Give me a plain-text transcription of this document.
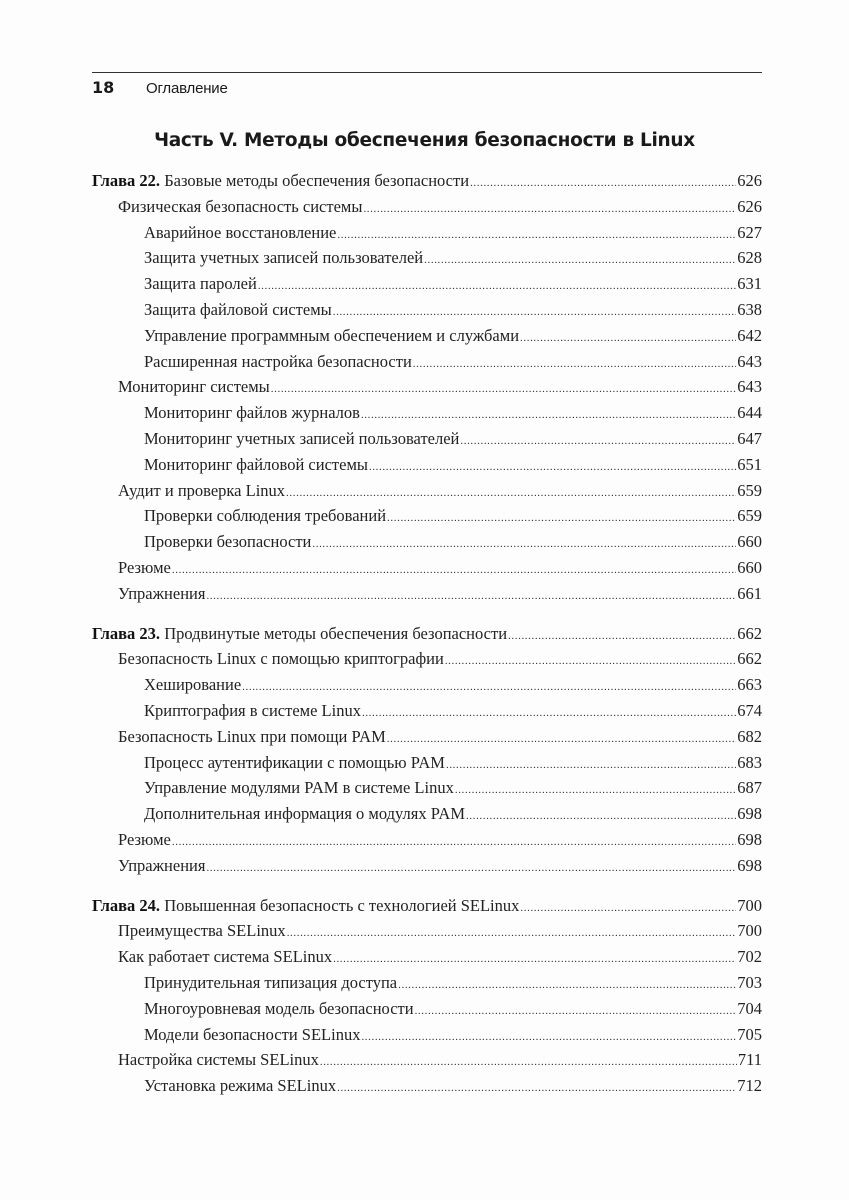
18	Оглавление
Часть V. Методы обеспечения безопасности в Linux
Глава 22. Базовые методы обеспечения безопасности .....	626
Физическая безопасность системы .....	626
Аварийное восстановление .....	627
Защита учетных записей пользователей .....	628
Защита паролей .....	631
Защита файловой системы .....	638
Управление программным обеспечением и службами .....	642
Расширенная настройка безопасности .....	643
Мониторинг системы .....	643
Мониторинг файлов журналов .....	644
Мониторинг учетных записей пользователей .....	647
Мониторинг файловой системы .....	651
Аудит и проверка Linux .....	659
Проверки соблюдения требований .....	659
Проверки безопасности .....	660
Резюме .....	660
Упражнения .....	661
Глава 23. Продвинутые методы обеспечения безопасности .....	662
Безопасность Linux с помощью криптографии .....	662
Хеширование .....	663
Криптография в системе Linux .....	674
Безопасность Linux при помощи PAM .....	682
Процесс аутентификации с помощью PAM .....	683
Управление модулями PAM в системе Linux .....	687
Дополнительная информация о модулях PAM .....	698
Резюме .....	698
Упражнения .....	698
Глава 24. Повышенная безопасность с технологией SELinux .....	700
Преимущества SELinux .....	700
Как работает система SELinux .....	702
Принудительная типизация доступа .....	703
Многоуровневая модель безопасности .....	704
Модели безопасности SELinux .....	705
Настройка системы SELinux .....	711
Установка режима SELinux .....	712
